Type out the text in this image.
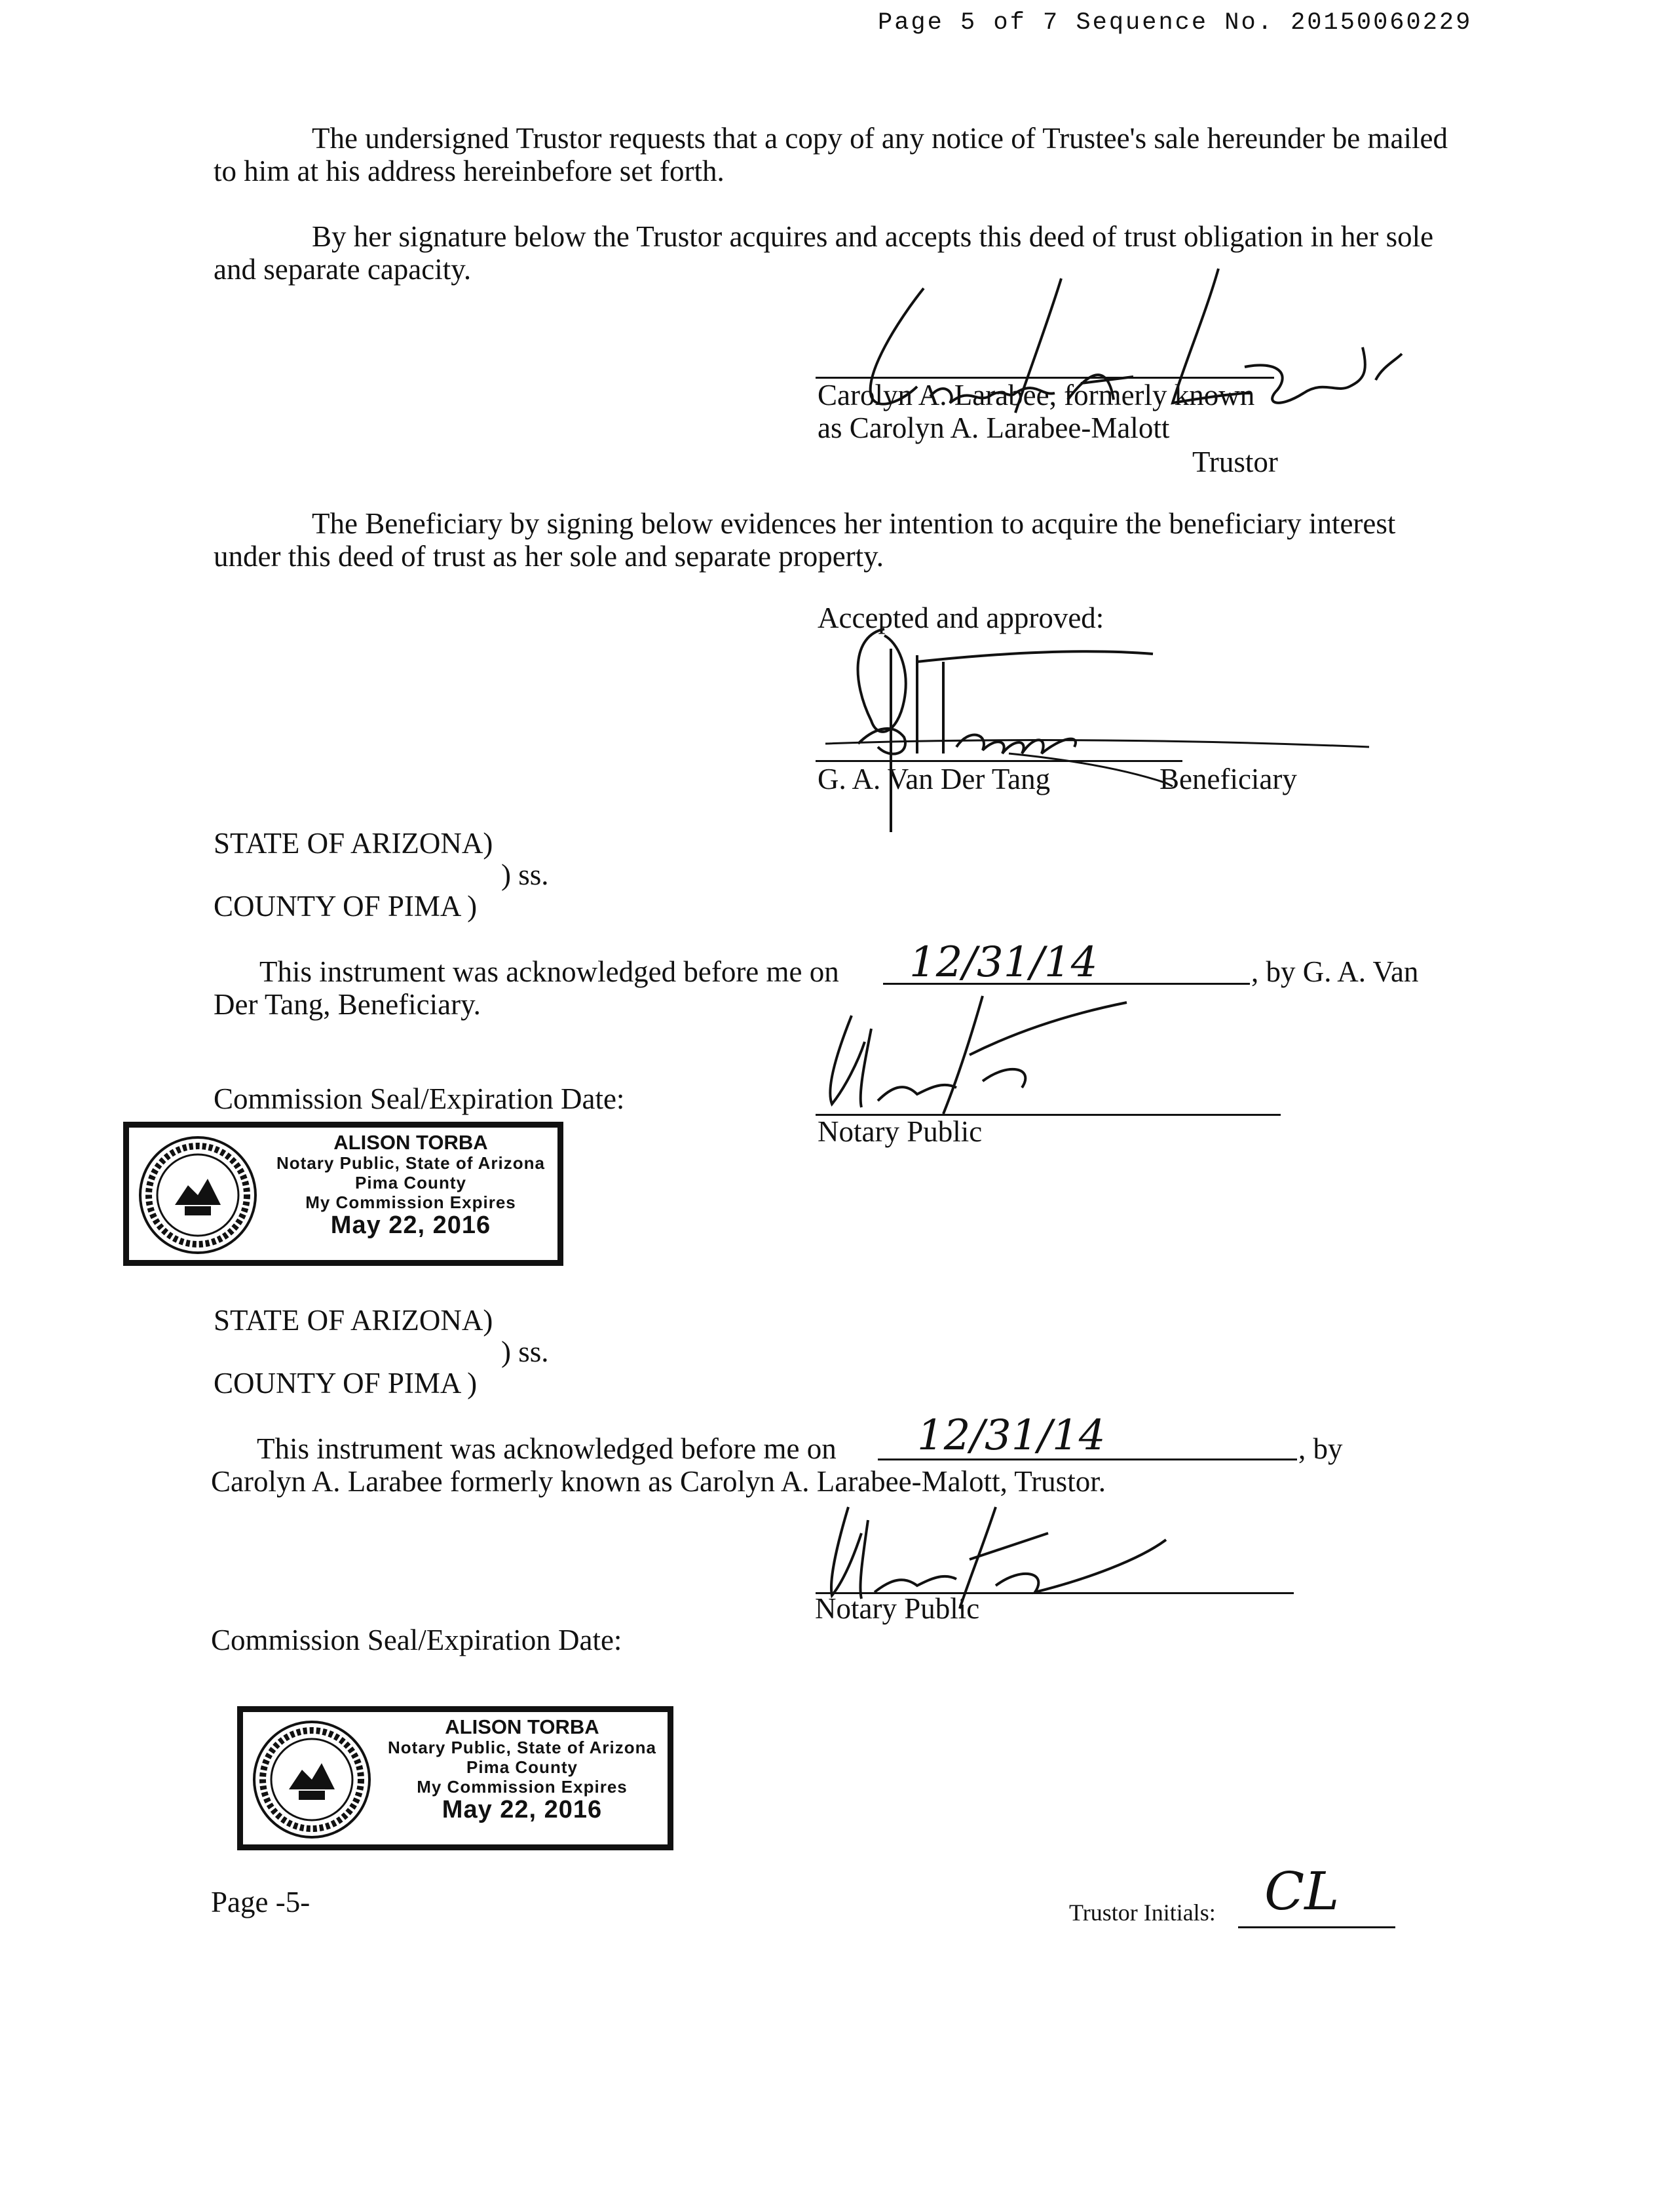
Page 5 of 7 Sequence No. 20150060229
The undersigned Trustor requests that a copy of any notice of Trustee's sale hereunder be mailed to him at his address hereinbefore set forth.
By her signature below the Trustor acquires and accepts this deed of trust obligation in her sole and separate capacity.
Carolyn A. Larabee, formerly known
as Carolyn A. Larabee-Malott
Trustor
The Beneficiary by signing below evidences her intention to acquire the beneficiary interest under this deed of trust as her sole and separate property.
Accepted and approved:
G. A. Van Der Tang	Beneficiary
STATE OF ARIZONA)
) ss.
COUNTY OF PIMA )
This instrument was acknowledged before me on 12/31/14	, by G. A. Van
Der Tang, Beneficiary.
Notary Public
Commission Seal/Expiration Date:
ALISON TORBA
Notary Public, State of Arizona
Pima County
My Commission Expires
May 22, 2016
STATE OF ARIZONA)
) ss.
COUNTY OF PIMA )
This instrument was acknowledged before me on 12/31/14	, by
Carolyn A. Larabee formerly known as Carolyn A. Larabee-Malott, Trustor.
Notary Public
Commission Seal/Expiration Date:
ALISON TORBA
Notary Public, State of Arizona
Pima County
My Commission Expires
May 22, 2016
Page -5-	Trustor Initials: CL
